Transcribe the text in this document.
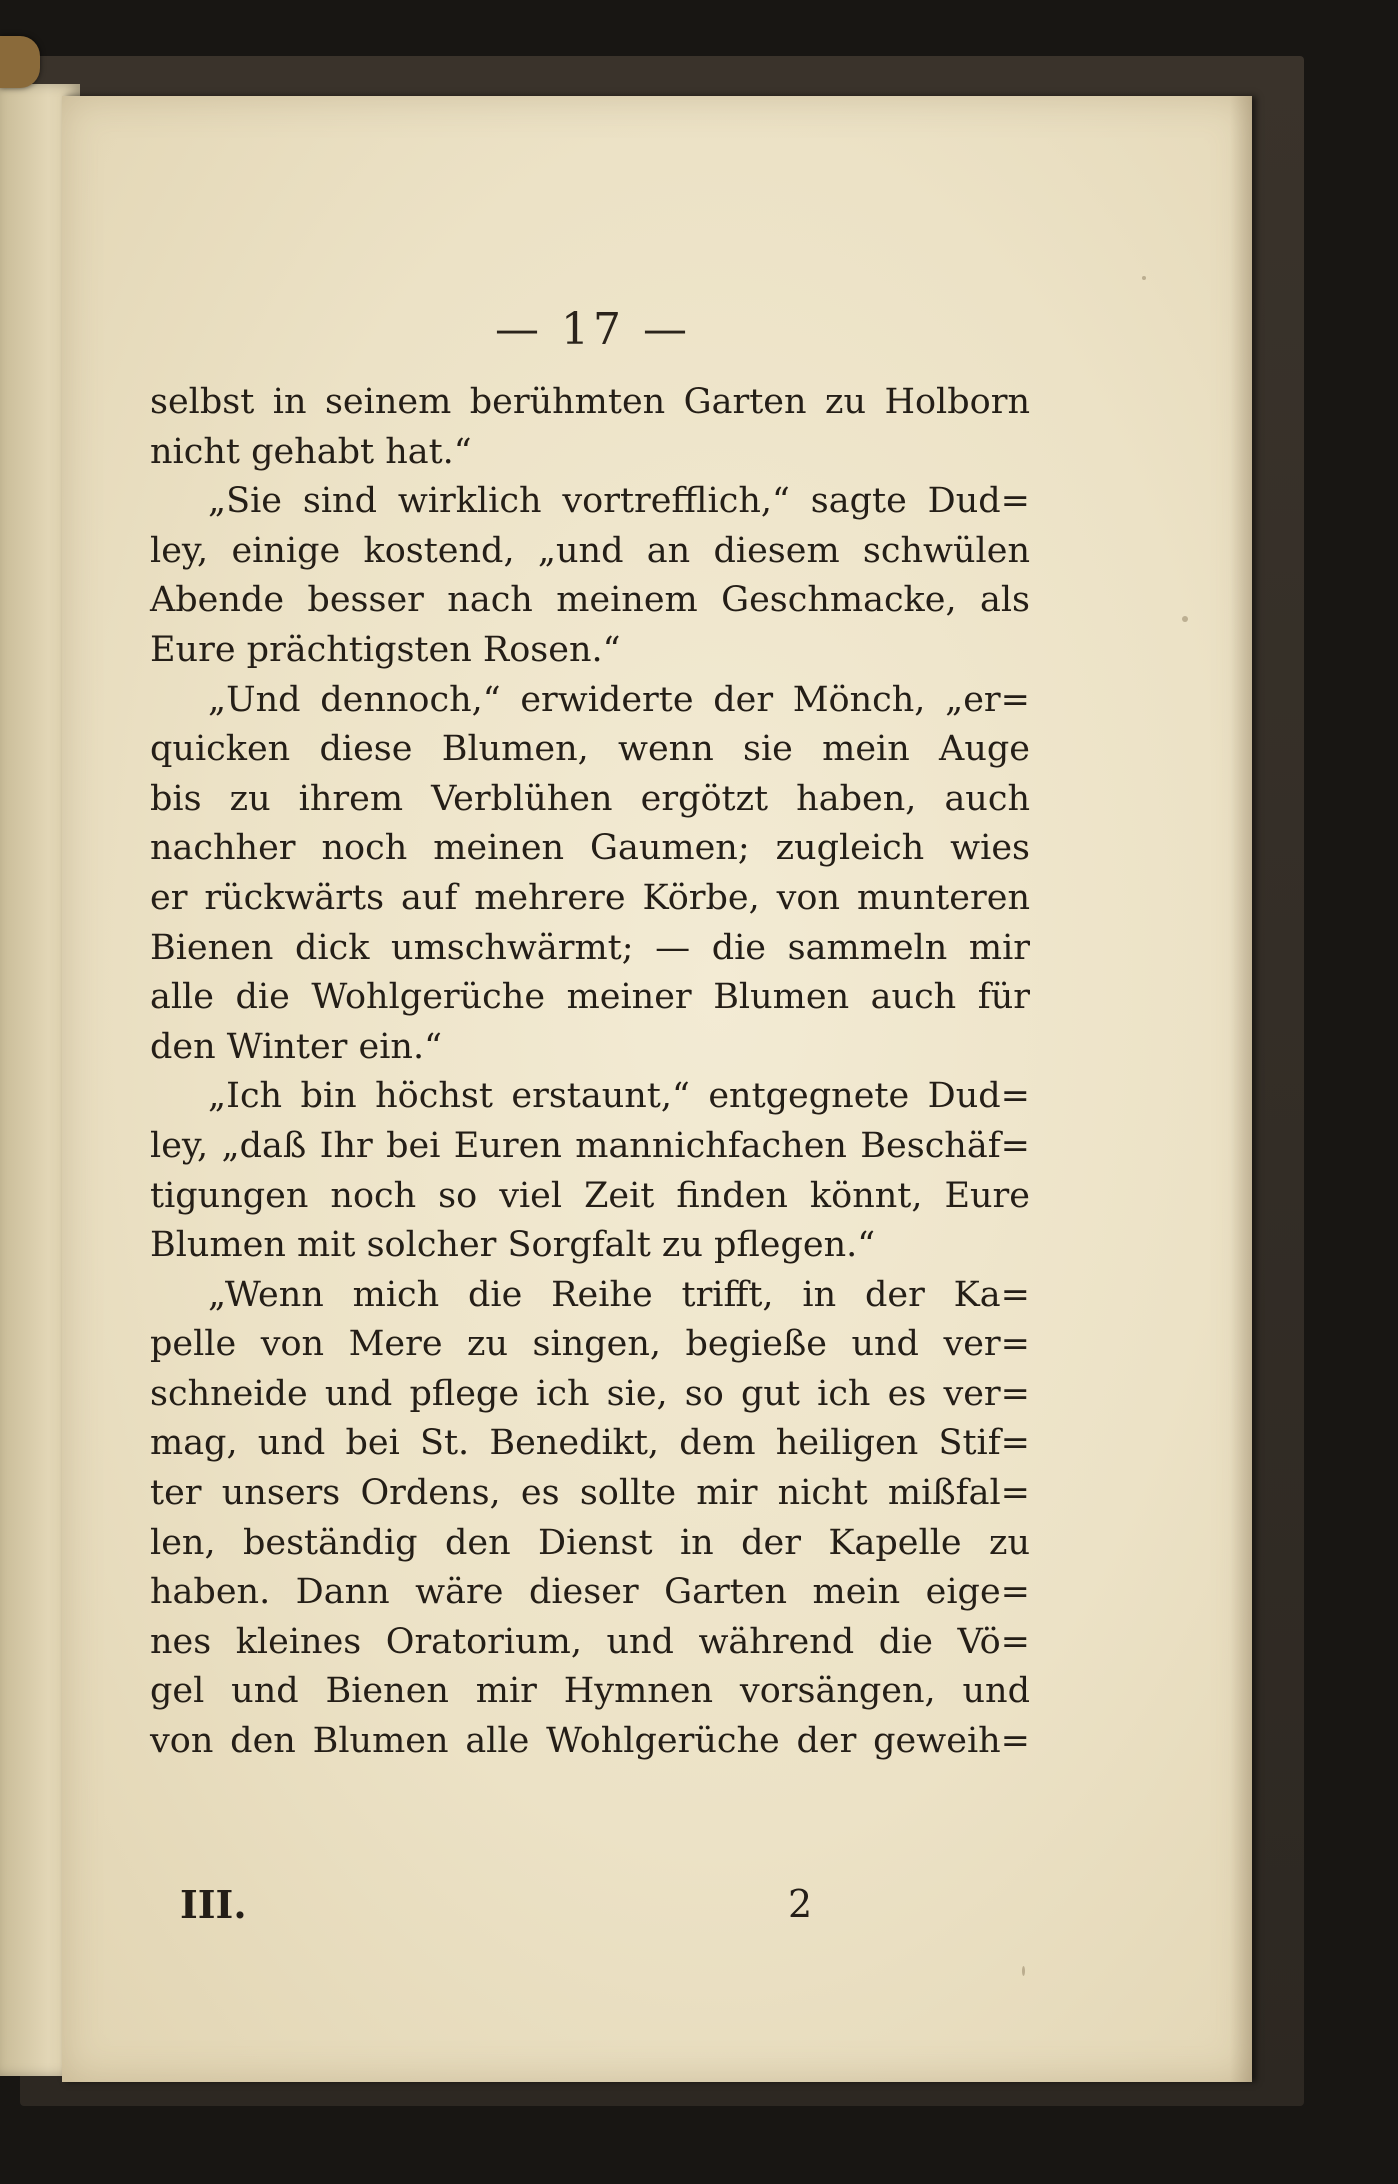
— 17 —
selbst in seinem berühmten Garten zu Holborn
nicht gehabt hat.“
„Sie sind wirklich vortrefflich,“ sagte Dud=
ley, einige kostend, „und an diesem schwülen
Abende besser nach meinem Geschmacke, als
Eure prächtigsten Rosen.“
„Und dennoch,“ erwiderte der Mönch, „er=
quicken diese Blumen, wenn sie mein Auge
bis zu ihrem Verblühen ergötzt haben, auch
nachher noch meinen Gaumen; zugleich wies
er rückwärts auf mehrere Körbe, von munteren
Bienen dick umschwärmt; — die sammeln mir
alle die Wohlgerüche meiner Blumen auch für
den Winter ein.“
„Ich bin höchst erstaunt,“ entgegnete Dud=
ley, „daß Ihr bei Euren mannichfachen Beschäf=
tigungen noch so viel Zeit finden könnt, Eure
Blumen mit solcher Sorgfalt zu pflegen.“
„Wenn mich die Reihe trifft, in der Ka=
pelle von Mere zu singen, begieße und ver=
schneide und pflege ich sie, so gut ich es ver=
mag, und bei St. Benedikt, dem heiligen Stif=
ter unsers Ordens, es sollte mir nicht mißfal=
len, beständig den Dienst in der Kapelle zu
haben. Dann wäre dieser Garten mein eige=
nes kleines Oratorium, und während die Vö=
gel und Bienen mir Hymnen vorsängen, und
von den Blumen alle Wohlgerüche der geweih=
III.	2
